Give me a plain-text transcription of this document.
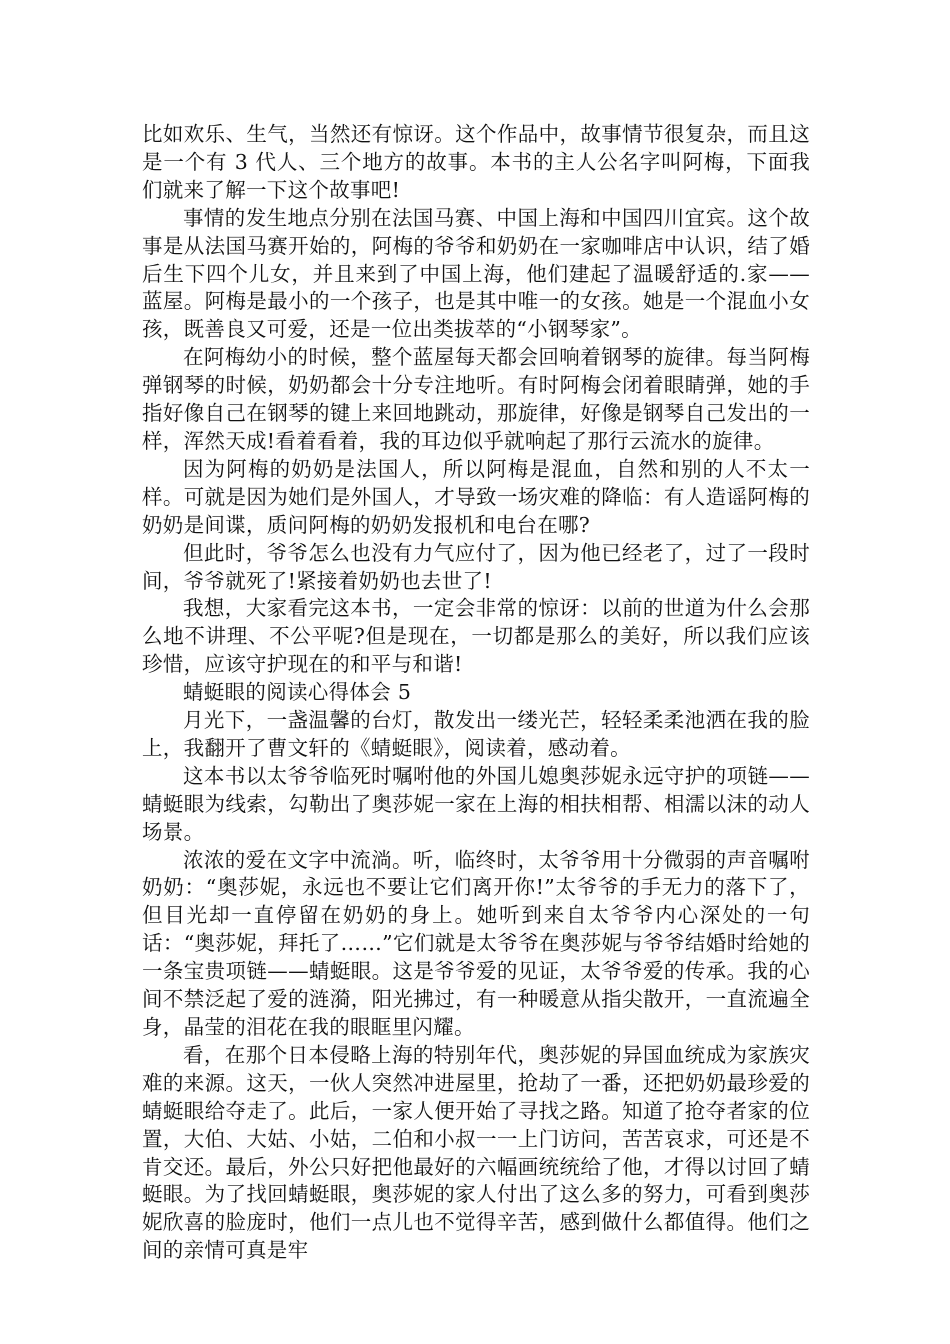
比如欢乐、生气，当然还有惊讶。这个作品中，故事情节很复杂，而且这是一个有 3 代人、三个地方的故事。本书的主人公名字叫阿梅，下面我们就来了解一下这个故事吧!

事情的发生地点分别在法国马赛、中国上海和中国四川宜宾。这个故事是从法国马赛开始的，阿梅的爷爷和奶奶在一家咖啡店中认识，结了婚后生下四个儿女，并且来到了中国上海，他们建起了温暖舒适的.家——蓝屋。阿梅是最小的一个孩子，也是其中唯一的女孩。她是一个混血小女孩，既善良又可爱，还是一位出类拔萃的“小钢琴家”。

在阿梅幼小的时候，整个蓝屋每天都会回响着钢琴的旋律。每当阿梅弹钢琴的时候，奶奶都会十分专注地听。有时阿梅会闭着眼睛弹，她的手指好像自己在钢琴的键上来回地跳动，那旋律，好像是钢琴自己发出的一样，浑然天成!看着看着，我的耳边似乎就响起了那行云流水的旋律。

因为阿梅的奶奶是法国人，所以阿梅是混血，自然和别的人不太一样。可就是因为她们是外国人，才导致一场灾难的降临：有人造谣阿梅的奶奶是间谍，质问阿梅的奶奶发报机和电台在哪?

但此时，爷爷怎么也没有力气应付了，因为他已经老了，过了一段时间，爷爷就死了!紧接着奶奶也去世了!

我想，大家看完这本书，一定会非常的惊讶：以前的世道为什么会那么地不讲理、不公平呢?但是现在，一切都是那么的美好，所以我们应该珍惜，应该守护现在的和平与和谐!

蜻蜓眼的阅读心得体会 5

月光下，一盏温馨的台灯，散发出一缕光芒，轻轻柔柔池洒在我的脸上，我翻开了曹文轩的《蜻蜓眼》，阅读着，感动着。

这本书以太爷爷临死时嘱咐他的外国儿媳奥莎妮永远守护的项链——蜻蜓眼为线索，勾勒出了奥莎妮一家在上海的相扶相帮、相濡以沫的动人场景。

浓浓的爱在文字中流淌。听，临终时，太爷爷用十分微弱的声音嘱咐奶奶：“奥莎妮，永远也不要让它们离开你!”太爷爷的手无力的落下了，但目光却一直停留在奶奶的身上。她听到来自太爷爷内心深处的一句话：“奥莎妮，拜托了……”它们就是太爷爷在奥莎妮与爷爷结婚时给她的一条宝贵项链——蜻蜓眼。这是爷爷爱的见证，太爷爷爱的传承。我的心间不禁泛起了爱的涟漪，阳光拂过，有一种暖意从指尖散开，一直流遍全身，晶莹的泪花在我的眼眶里闪耀。

看，在那个日本侵略上海的特别年代，奥莎妮的异国血统成为家族灾难的来源。这天，一伙人突然冲进屋里，抢劫了一番，还把奶奶最珍爱的蜻蜓眼给夺走了。此后，一家人便开始了寻找之路。知道了抢夺者家的位置，大伯、大姑、小姑，二伯和小叔一一上门访问，苦苦哀求，可还是不肯交还。最后，外公只好把他最好的六幅画统统给了他，才得以讨回了蜻蜓眼。为了找回蜻蜓眼，奥莎妮的家人付出了这么多的努力，可看到奥莎妮欣喜的脸庞时，他们一点儿也不觉得辛苦，感到做什么都值得。他们之间的亲情可真是牢
